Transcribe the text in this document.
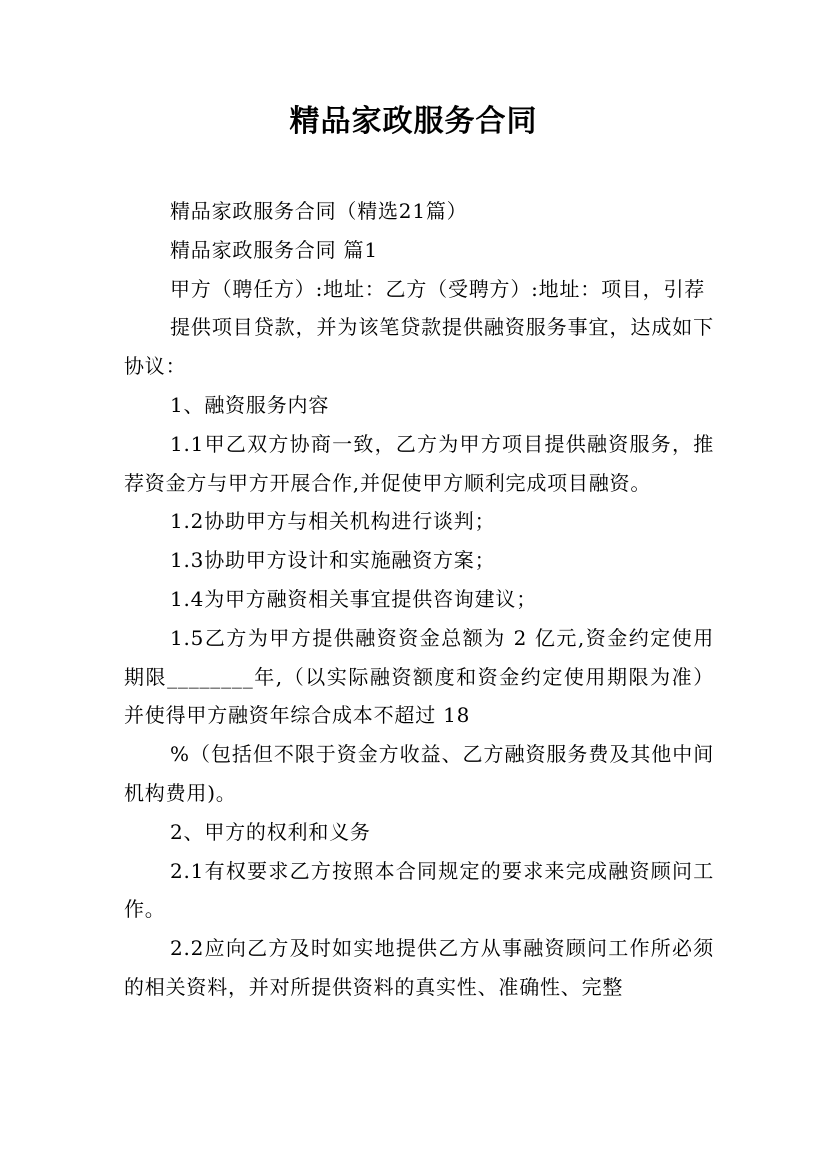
精品家政服务合同

精品家政服务合同（精选21篇）

精品家政服务合同 篇1

甲方（聘任方）:地址：乙方（受聘方）:地址：项目，引荐

提供项目贷款，并为该笔贷款提供融资服务事宜，达成如下协议：

1、融资服务内容

1.1甲乙双方协商一致，乙方为甲方项目提供融资服务，推荐资金方与甲方开展合作,并促使甲方顺利完成项目融资。

1.2协助甲方与相关机构进行谈判；

1.3协助甲方设计和实施融资方案；

1.4为甲方融资相关事宜提供咨询建议；

1.5乙方为甲方提供融资资金总额为 2 亿元,资金约定使用期限________年,（以实际融资额度和资金约定使用期限为准）并使得甲方融资年综合成本不超过 18

%（包括但不限于资金方收益、乙方融资服务费及其他中间机构费用)。

2、甲方的权利和义务

2.1有权要求乙方按照本合同规定的要求来完成融资顾问工作。

2.2应向乙方及时如实地提供乙方从事融资顾问工作所必须的相关资料，并对所提供资料的真实性、准确性、完整
